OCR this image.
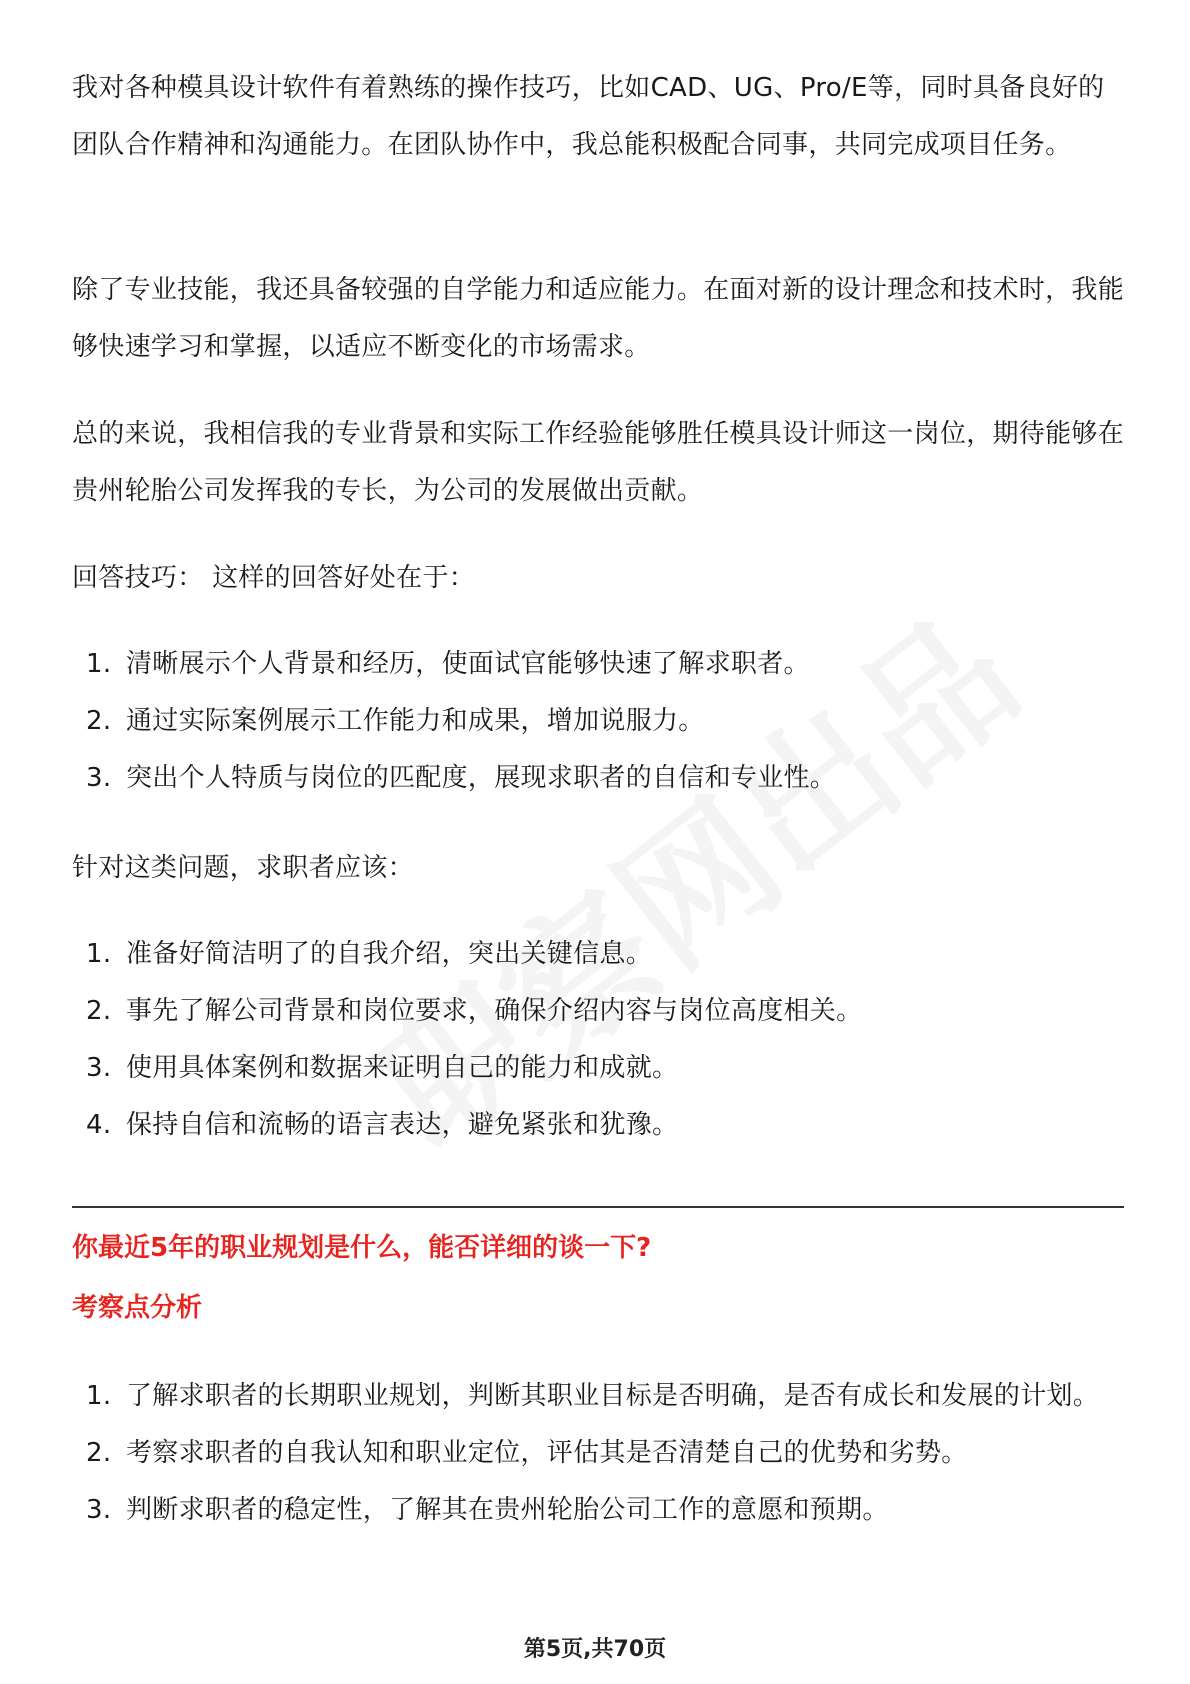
我对各种模具设计软件有着熟练的操作技巧，比如CAD、UG、Pro/E等，同时具备良好的团队合作精神和沟通能力。在团队协作中，我总能积极配合同事，共同完成项目任务。

除了专业技能，我还具备较强的自学能力和适应能力。在面对新的设计理念和技术时，我能够快速学习和掌握，以适应不断变化的市场需求。

总的来说，我相信我的专业背景和实际工作经验能够胜任模具设计师这一岗位，期待能够在贵州轮胎公司发挥我的专长，为公司的发展做出贡献。

回答技巧： 这样的回答好处在于：

1. 清晰展示个人背景和经历，使面试官能够快速了解求职者。
2. 通过实际案例展示工作能力和成果，增加说服力。
3. 突出个人特质与岗位的匹配度，展现求职者的自信和专业性。

针对这类问题，求职者应该：

1. 准备好简洁明了的自我介绍，突出关键信息。
2. 事先了解公司背景和岗位要求，确保介绍内容与岗位高度相关。
3. 使用具体案例和数据来证明自己的能力和成就。
4. 保持自信和流畅的语言表达，避免紧张和犹豫。

你最近5年的职业规划是什么，能否详细的谈一下?

考察点分析

1. 了解求职者的长期职业规划，判断其职业目标是否明确，是否有成长和发展的计划。
2. 考察求职者的自我认知和职业定位，评估其是否清楚自己的优势和劣势。
3. 判断求职者的稳定性，了解其在贵州轮胎公司工作的意愿和预期。
第5页,共70页
